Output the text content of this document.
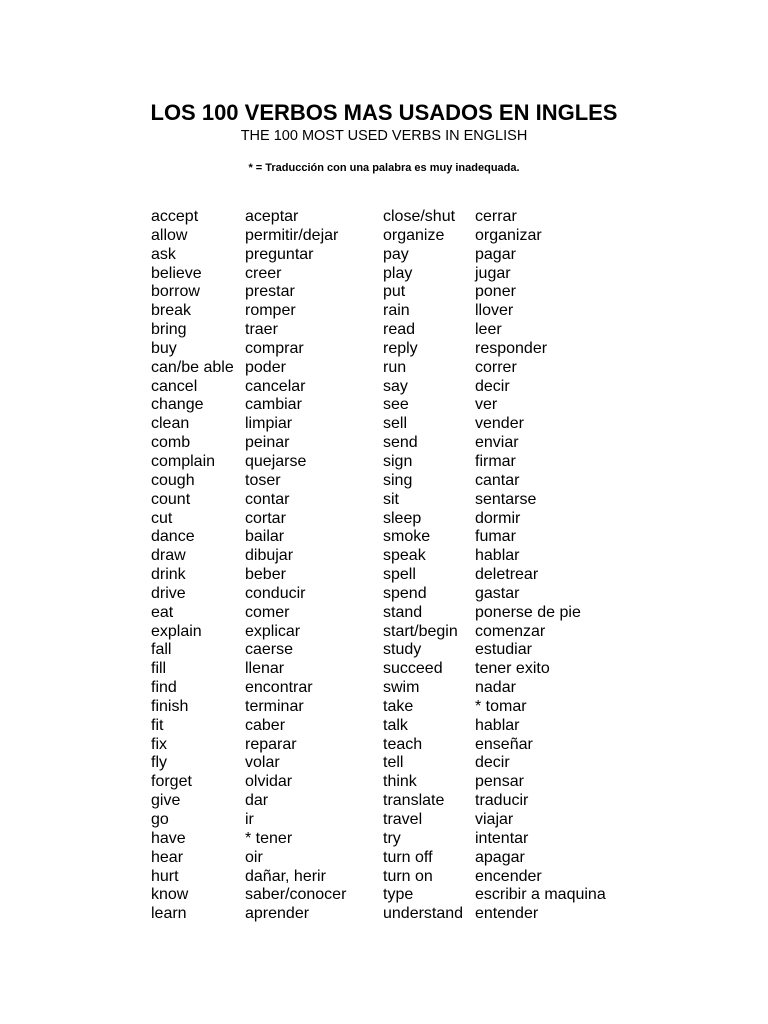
LOS 100 VERBOS MAS USADOS EN INGLES
THE 100 MOST USED VERBS IN ENGLISH
* = Traducción con una palabra es muy inadequada.
accept
allow
ask
believe
borrow
break
bring
buy
can/be able
cancel
change
clean
comb
complain
cough
count
cut
dance
draw
drink
drive
eat
explain
fall
fill
find
finish
fit
fix
fly
forget
give
go
have
hear
hurt
know
learn
aceptar
permitir/dejar
preguntar
creer
prestar
romper
traer
comprar
poder
cancelar
cambiar
limpiar
peinar
quejarse
toser
contar
cortar
bailar
dibujar
beber
conducir
comer
explicar
caerse
llenar
encontrar
terminar
caber
reparar
volar
olvidar
dar
ir
* tener
oir
dañar, herir
saber/conocer
aprender
close/shut
organize
pay
play
put
rain
read
reply
run
say
see
sell
send
sign
sing
sit
sleep
smoke
speak
spell
spend
stand
start/begin
study
succeed
swim
take
talk
teach
tell
think
translate
travel
try
turn off
turn on
type
understand
cerrar
organizar
pagar
jugar
poner
llover
leer
responder
correr
decir
ver
vender
enviar
firmar
cantar
sentarse
dormir
fumar
hablar
deletrear
gastar
ponerse de pie
comenzar
estudiar
tener exito
nadar
* tomar
hablar
enseñar
decir
pensar
traducir
viajar
intentar
apagar
encender
escribir a maquina
entender
